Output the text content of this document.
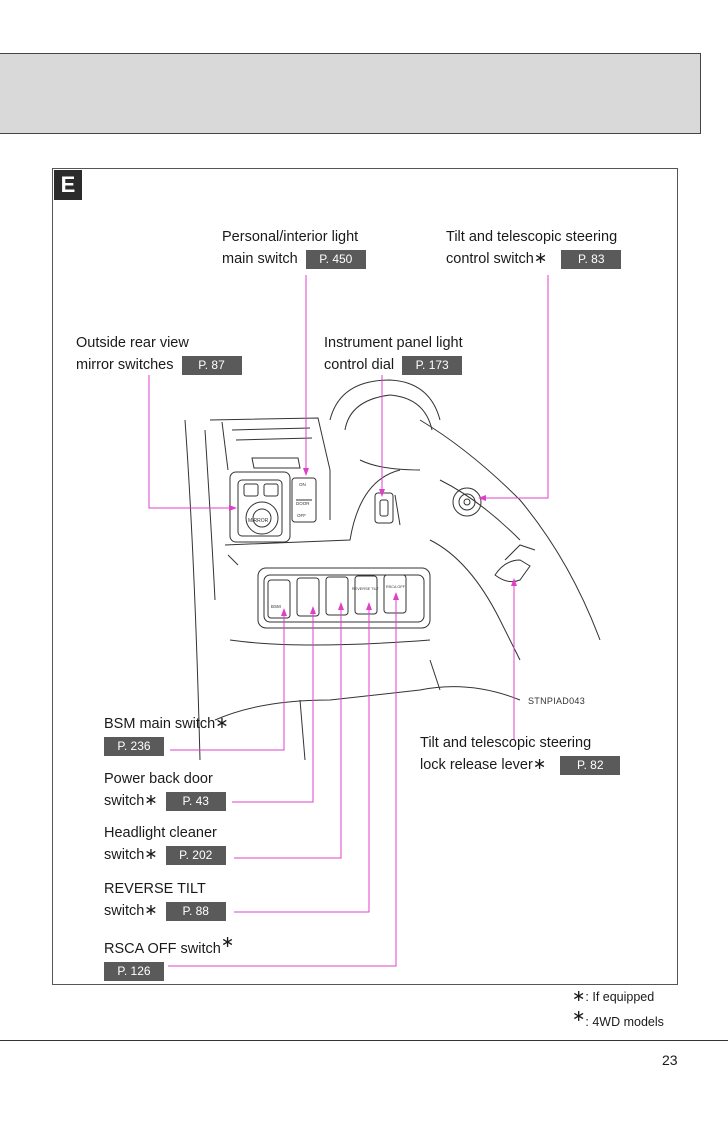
E
MIRROR
ON
DOOR
OFF
BSM
REVERSE TILT RSCA OFF
Personal/interior light
main switch P. 450
Tilt and telescopic steering
control switch∗	P. 83
Outside rear view
mirror switches P. 87
Instrument panel light
control dial P. 173
STNPIAD043
BSM main switch∗
P. 236	Tilt and telescopic steering
lock release lever∗	P. 82
Power back door
switch∗ P. 43
Headlight cleaner
switch∗ P. 202
REVERSE TILT
switch∗ P. 88
RSCA OFF switch∗
P. 126
∗: If equipped
∗: 4WD models
23
